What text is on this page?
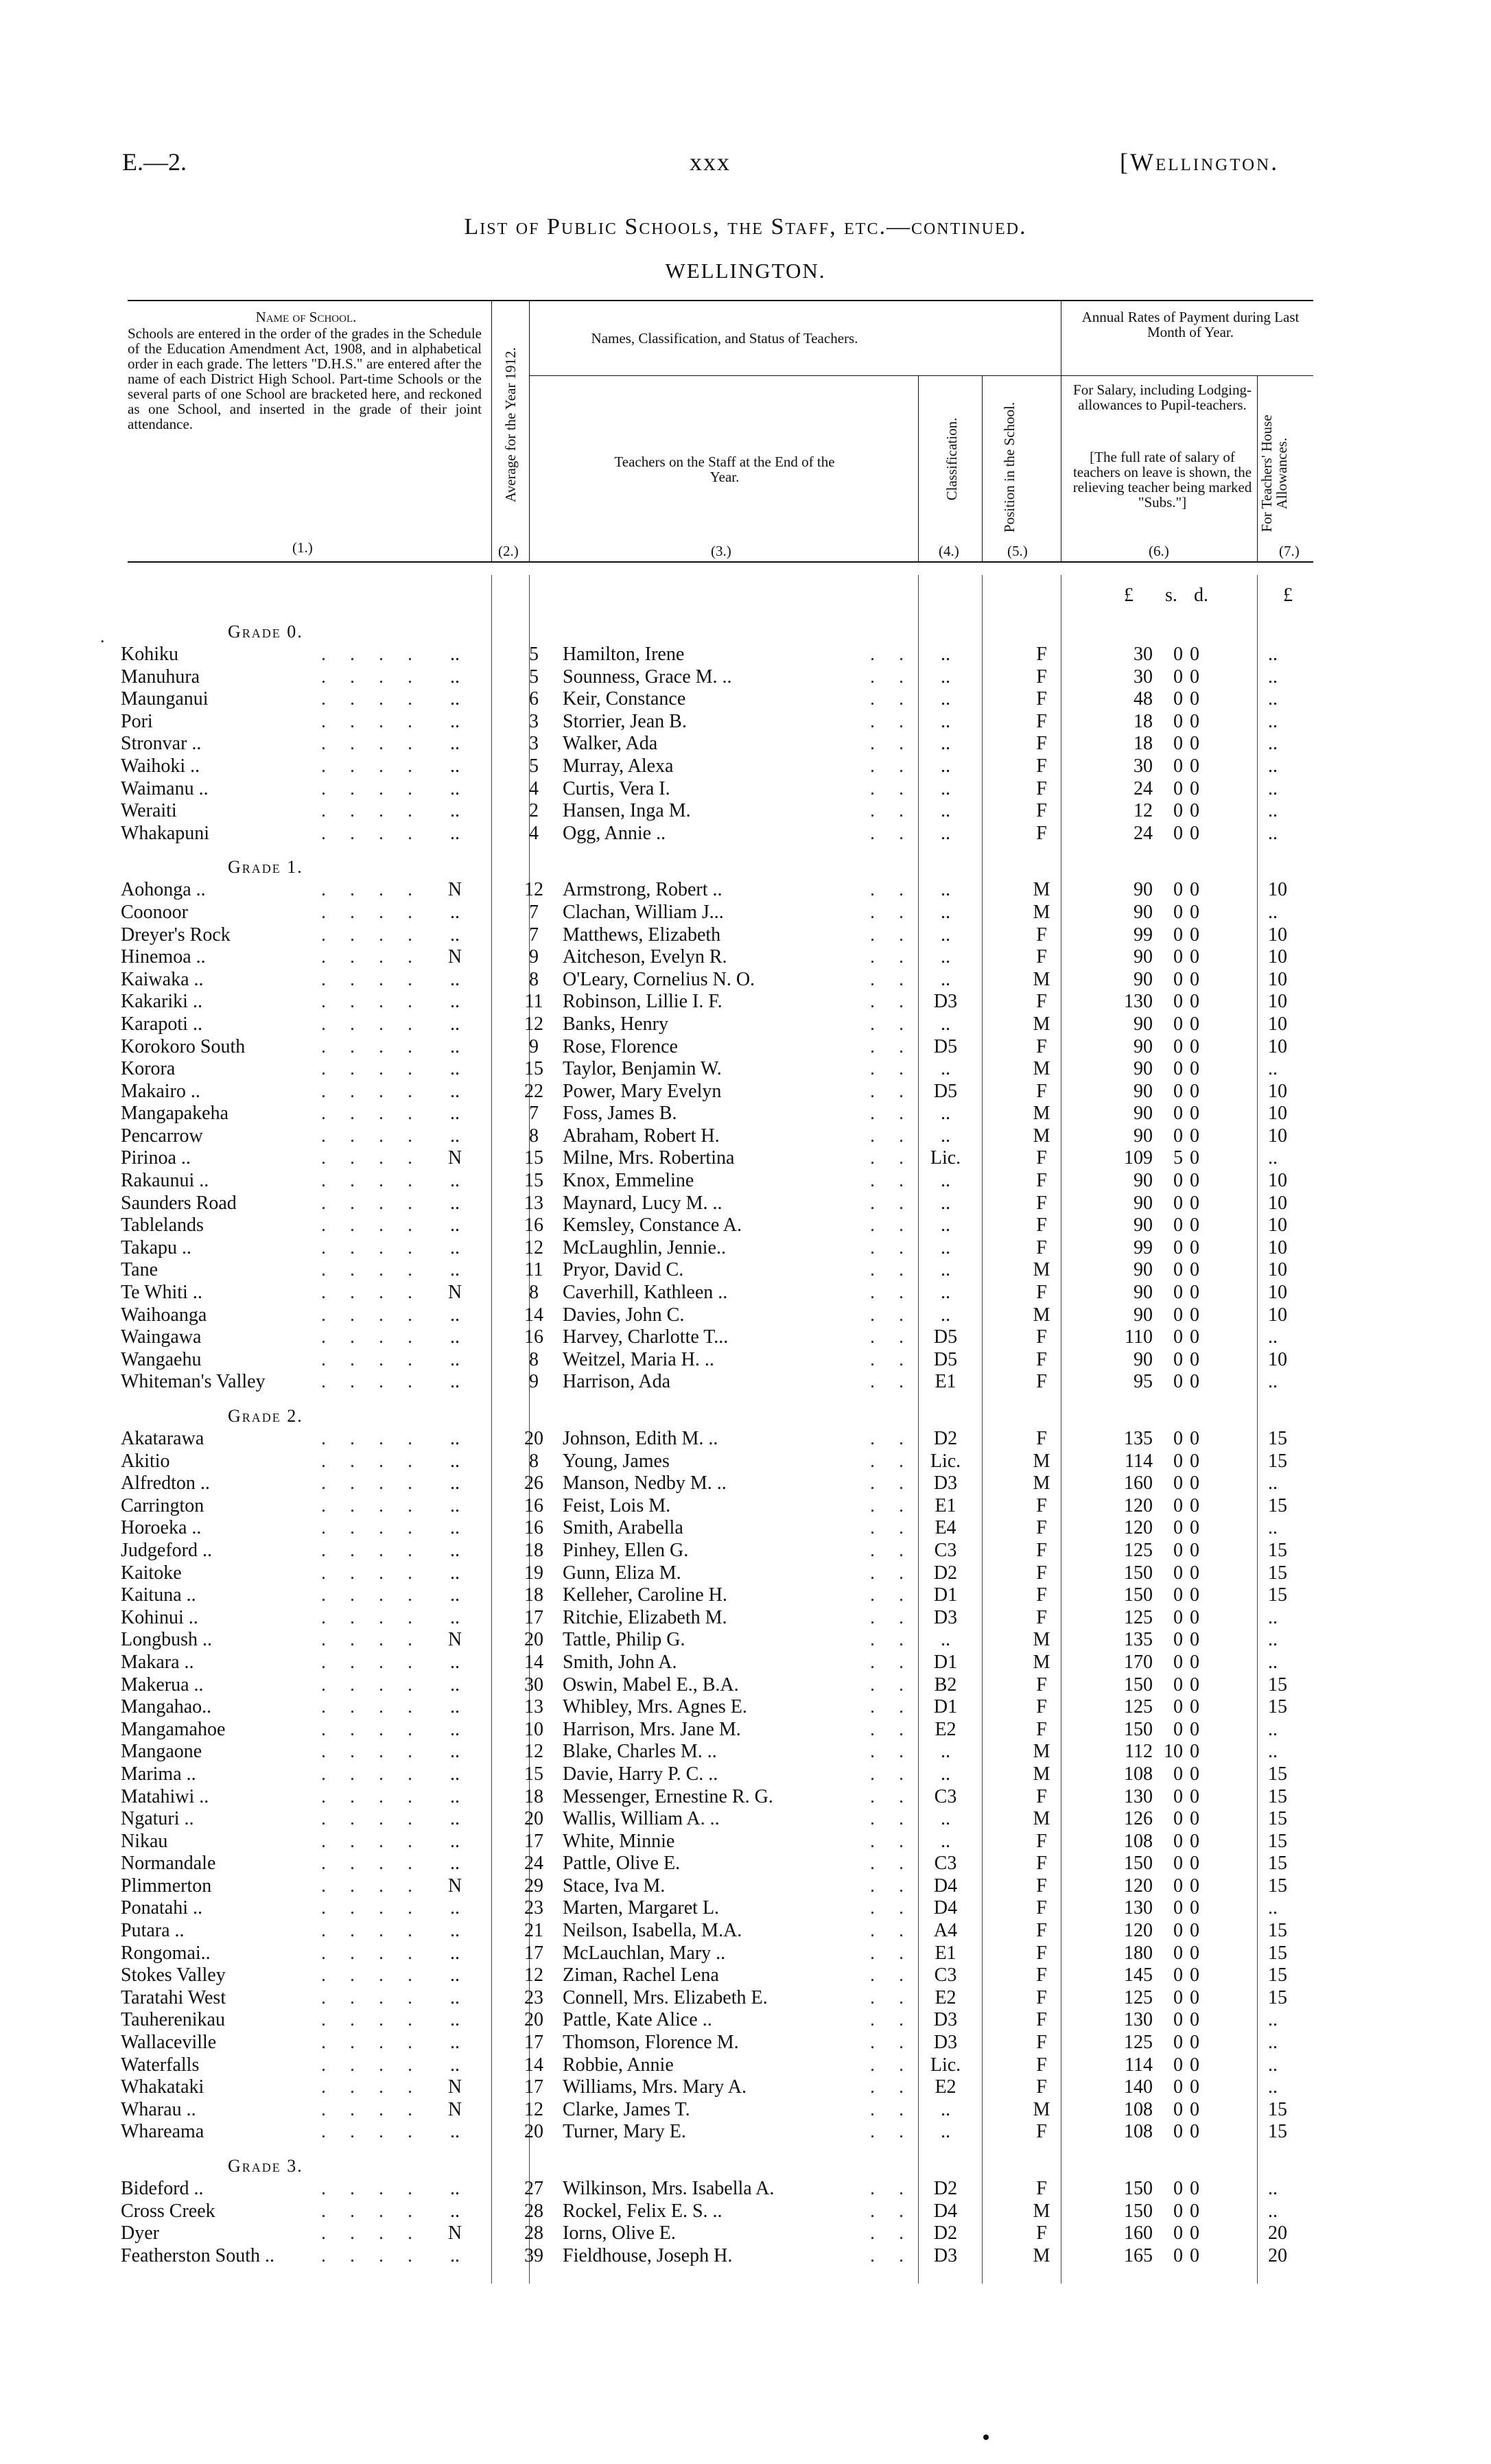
E.—2.	xxx	[Wellington.
List of Public Schools, the Staff, etc.—continued.
WELLINGTON.
Name of School.
Schools are entered in the order of the grades in the Schedule of the Education Amendment Act, 1908, and in alphabetical order in each grade. The letters "D.H.S." are entered after the name of each District High School. Part-time Schools or the several parts of one School are bracketed here, and reckoned as one School, and inserted in the grade of their joint attendance.
(1.)
Average for the Year 1912.
(2.)
Names, Classification, and Status of Teachers.
Teachers on the Staff at the End of the Year.
(3.)
Classification.
(4.)
Position in the School.
(5.)
Annual Rates of Payment during Last Month of Year.
For Salary, including Lodging-allowances to Pupil-teachers.
[The full rate of salary of teachers on leave is shown, the relieving teacher being marked "Subs."]
(6.)
For Teachers' House Allowances.
(7.)
.
£ s. d.	£
Grade 0.
Kohiku	. . . . ..	5	Hamilton, Irene	. .	..	F	30	0 0	..
Manuhura	. . . . ..	5	Sounness, Grace M. ..	. .	..	F	30	0 0	..
Maunganui	. . . . ..	6	Keir, Constance	. .	..	F	48	0 0	..
Pori	. . . . ..	3	Storrier, Jean B.	. .	..	F	18	0 0	..
Stronvar ..	. . . . ..	3	Walker, Ada	. .	..	F	18	0 0	..
Waihoki ..	. . . . ..	5	Murray, Alexa	. .	..	F	30	0 0	..
Waimanu ..	. . . . ..	4	Curtis, Vera I.	. .	..	F	24	0 0	..
Weraiti	. . . . ..	2	Hansen, Inga M.	. .	..	F	12	0 0	..
Whakapuni	. . . . ..	4	Ogg, Annie ..	. .	..	F	24	0 0	..
Grade 1.
Aohonga ..	. . . . N	12	Armstrong, Robert ..	. .	..	M	90	0 0	10
Coonoor	. . . . ..	7	Clachan, William J...	. .	..	M	90	0 0	..
Dreyer's Rock	. . . . ..	7	Matthews, Elizabeth	. .	..	F	99	0 0	10
Hinemoa ..	. . . . N	9	Aitcheson, Evelyn R.	. .	..	F	90	0 0	10
Kaiwaka ..	. . . . ..	8	O'Leary, Cornelius N. O.	. .	..	M	90	0 0	10
Kakariki ..	. . . . ..	11	Robinson, Lillie I. F.	. .	D3	F	130	0 0	10
Karapoti ..	. . . . ..	12	Banks, Henry	. .	..	M	90	0 0	10
Korokoro South	. . . . ..	9	Rose, Florence	. .	D5	F	90	0 0	10
Korora	. . . . ..	15	Taylor, Benjamin W.	. .	..	M	90	0 0	..
Makairo ..	. . . . ..	22	Power, Mary Evelyn	. .	D5	F	90	0 0	10
Mangapakeha	. . . . ..	7	Foss, James B.	. .	..	M	90	0 0	10
Pencarrow	. . . . ..	8	Abraham, Robert H.	. .	..	M	90	0 0	10
Pirinoa ..	. . . . N	15	Milne, Mrs. Robertina	. . Lic.	F	109	5 0	..
Rakaunui ..	. . . . ..	15	Knox, Emmeline	. .	..	F	90	0 0	10
Saunders Road	. . . . ..	13	Maynard, Lucy M. ..	. .	..	F	90	0 0	10
Tablelands	. . . . ..	16	Kemsley, Constance A.	. .	..	F	90	0 0	10
Takapu ..	. . . . ..	12	McLaughlin, Jennie..	. .	..	F	99	0 0	10
Tane	. . . . ..	11	Pryor, David C.	. .	..	M	90	0 0	10
Te Whiti ..	. . . . N	8	Caverhill, Kathleen ..	. .	..	F	90	0 0	10
Waihoanga	. . . . ..	14	Davies, John C.	. .	..	M	90	0 0	10
Waingawa	. . . . ..	16	Harvey, Charlotte T...	. .	D5	F	110	0 0	..
Wangaehu	. . . . ..	8	Weitzel, Maria H. ..	. .	D5	F	90	0 0	10
Whiteman's Valley	. . . . ..	9	Harrison, Ada	. .	E1	F	95	0 0	..
Grade 2.
Akatarawa	. . . . ..	20	Johnson, Edith M. ..	. .	D2	F	135	0 0	15
Akitio	. . . . ..	8	Young, James	. . Lic.	M	114	0 0	15
Alfredton ..	. . . . ..	26	Manson, Nedby M. ..	. .	D3	M	160	0 0	..
Carrington	. . . . ..	16	Feist, Lois M.	. .	E1	F	120	0 0	15
Horoeka ..	. . . . ..	16	Smith, Arabella	. .	E4	F	120	0 0	..
Judgeford ..	. . . . ..	18	Pinhey, Ellen G.	. .	C3	F	125	0 0	15
Kaitoke	. . . . ..	19	Gunn, Eliza M.	. .	D2	F	150	0 0	15
Kaituna ..	. . . . ..	18	Kelleher, Caroline H.	. .	D1	F	150	0 0	15
Kohinui ..	. . . . ..	17	Ritchie, Elizabeth M.	. .	D3	F	125	0 0	..
Longbush ..	. . . . N	20	Tattle, Philip G.	. .	..	M	135	0 0	..
Makara ..	. . . . ..	14	Smith, John A.	. .	D1	M	170	0 0	..
Makerua ..	. . . . ..	30	Oswin, Mabel E., B.A.	. .	B2	F	150	0 0	15
Mangahao..	. . . . ..	13	Whibley, Mrs. Agnes E.	. .	D1	F	125	0 0	15
Mangamahoe	. . . . ..	10	Harrison, Mrs. Jane M.	. .	E2	F	150	0 0	..
Mangaone	. . . . ..	12	Blake, Charles M. ..	. .	..	M	112 10 0	..
Marima ..	. . . . ..	15	Davie, Harry P. C. ..	. .	..	M	108	0 0	15
Matahiwi ..	. . . . ..	18	Messenger, Ernestine R. G.	. .	C3	F	130	0 0	15
Ngaturi ..	. . . . ..	20	Wallis, William A. ..	. .	..	M	126	0 0	15
Nikau	. . . . ..	17	White, Minnie	. .	..	F	108	0 0	15
Normandale	. . . . ..	24	Pattle, Olive E.	. .	C3	F	150	0 0	15
Plimmerton	. . . . N	29	Stace, Iva M.	. .	D4	F	120	0 0	15
Ponatahi ..	. . . . ..	23	Marten, Margaret L.	. .	D4	F	130	0 0	..
Putara ..	. . . . ..	21	Neilson, Isabella, M.A.	. .	A4	F	120	0 0	15
Rongomai..	. . . . ..	17	McLauchlan, Mary ..	. .	E1	F	180	0 0	15
Stokes Valley	. . . . ..	12	Ziman, Rachel Lena	. .	C3	F	145	0 0	15
Taratahi West	. . . . ..	23	Connell, Mrs. Elizabeth E.	. .	E2	F	125	0 0	15
Tauherenikau	. . . . ..	20	Pattle, Kate Alice ..	. .	D3	F	130	0 0	..
Wallaceville	. . . . ..	17	Thomson, Florence M.	. .	D3	F	125	0 0	..
Waterfalls	. . . . ..	14	Robbie, Annie	. . Lic.	F	114	0 0	..
Whakataki	. . . . N	17	Williams, Mrs. Mary A.	. .	E2	F	140	0 0	..
Wharau ..	. . . . N	12	Clarke, James T.	. .	..	M	108	0 0	15
Whareama	. . . . ..	20	Turner, Mary E.	. .	..	F	108	0 0	15
Grade 3.
Bideford ..	. . . . ..	27	Wilkinson, Mrs. Isabella A.	. .	D2	F	150	0 0	..
Cross Creek	. . . . ..	28	Rockel, Felix E. S. ..	. .	D4	M	150	0 0	..
Dyer	. . . . N	28	Iorns, Olive E.	. .	D2	F	160	0 0	20
Featherston South .. . . . . ..	39	Fieldhouse, Joseph H.	. .	D3	M	165	0 0	20
